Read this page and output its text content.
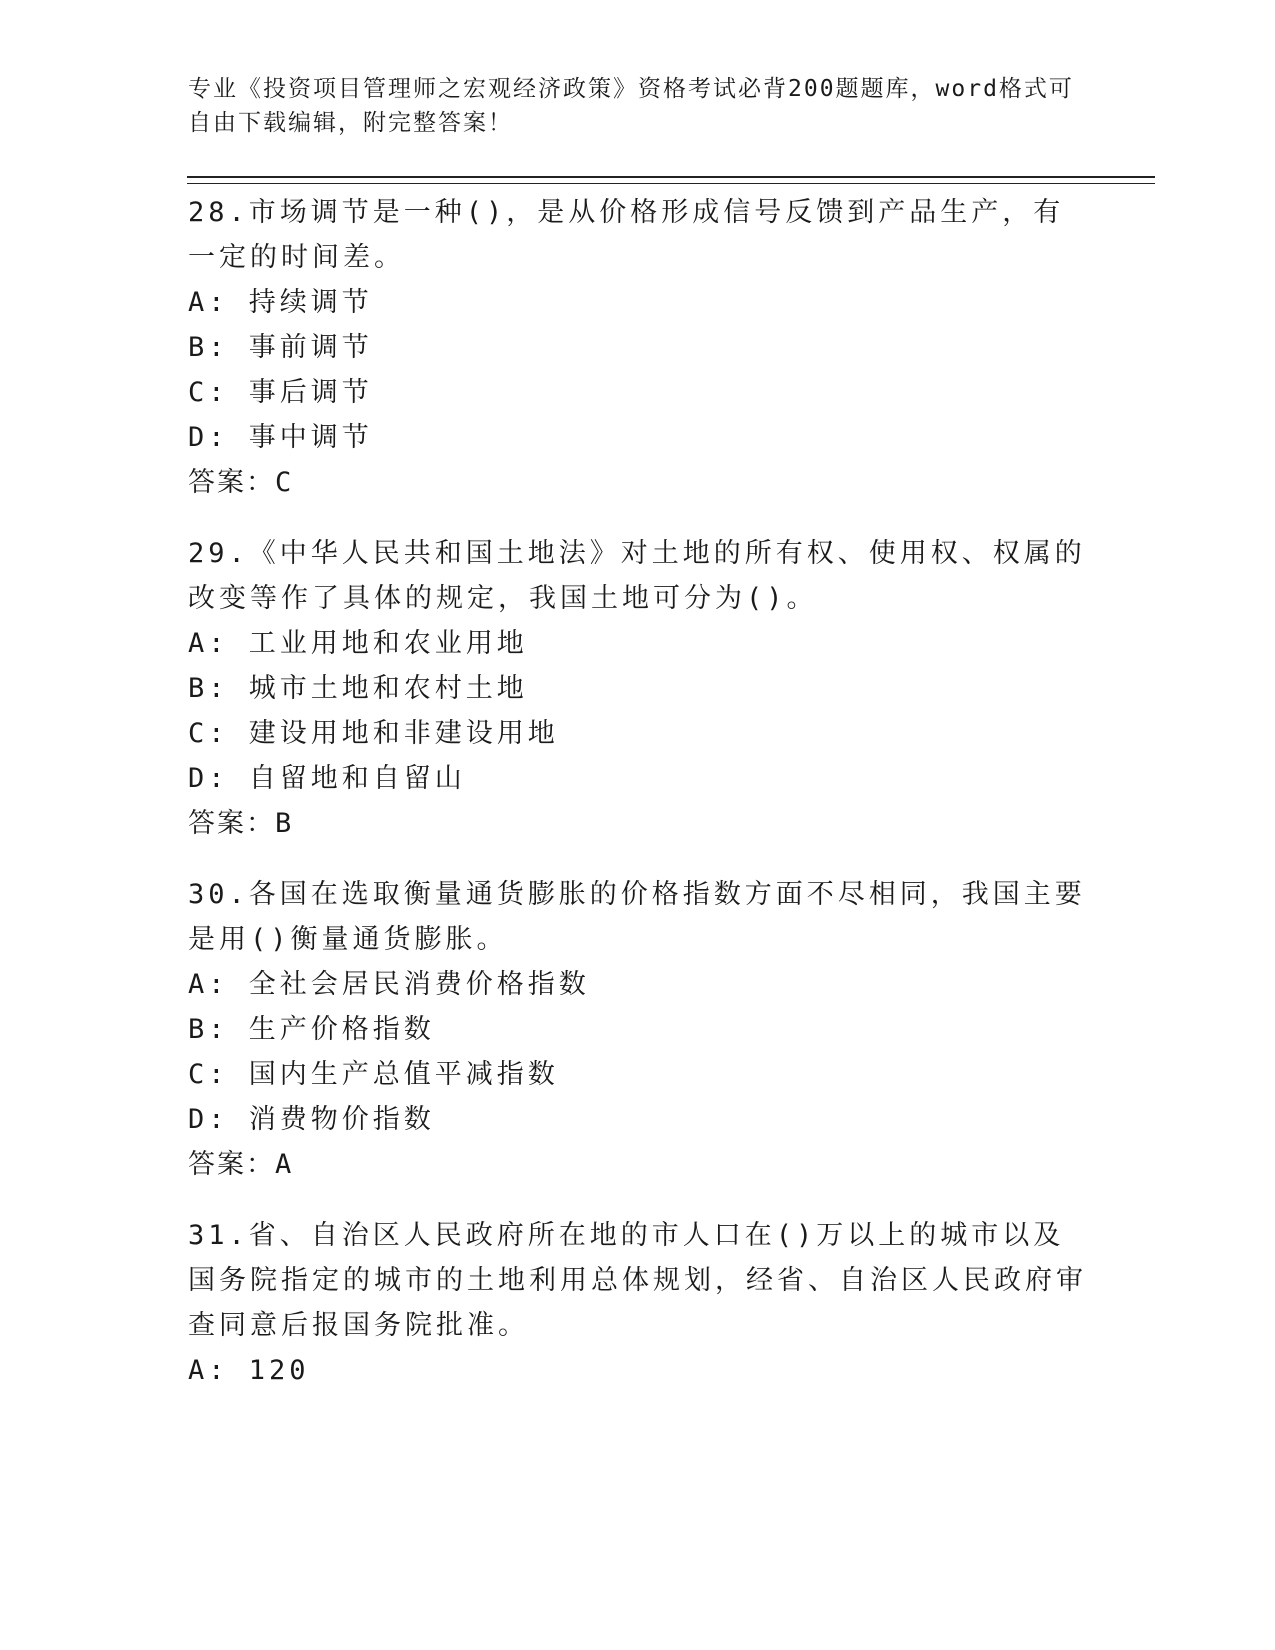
专业《投资项目管理师之宏观经济政策》资格考试必背200题题库，word格式可自由下载编辑，附完整答案！

28.市场调节是一种()，是从价格形成信号反馈到产品生产，有一定的时间差。

A: 持续调节

B: 事前调节

C: 事后调节

D: 事中调节

答案：C

29.《中华人民共和国土地法》对土地的所有权、使用权、权属的改变等作了具体的规定，我国土地可分为()。

A: 工业用地和农业用地

B: 城市土地和农村土地

C: 建设用地和非建设用地

D: 自留地和自留山

答案：B

30.各国在选取衡量通货膨胀的价格指数方面不尽相同，我国主要是用()衡量通货膨胀。

A: 全社会居民消费价格指数

B: 生产价格指数

C: 国内生产总值平减指数

D: 消费物价指数

答案：A

31.省、自治区人民政府所在地的市人口在()万以上的城市以及国务院指定的城市的土地利用总体规划，经省、自治区人民政府审查同意后报国务院批准。

A: 120
